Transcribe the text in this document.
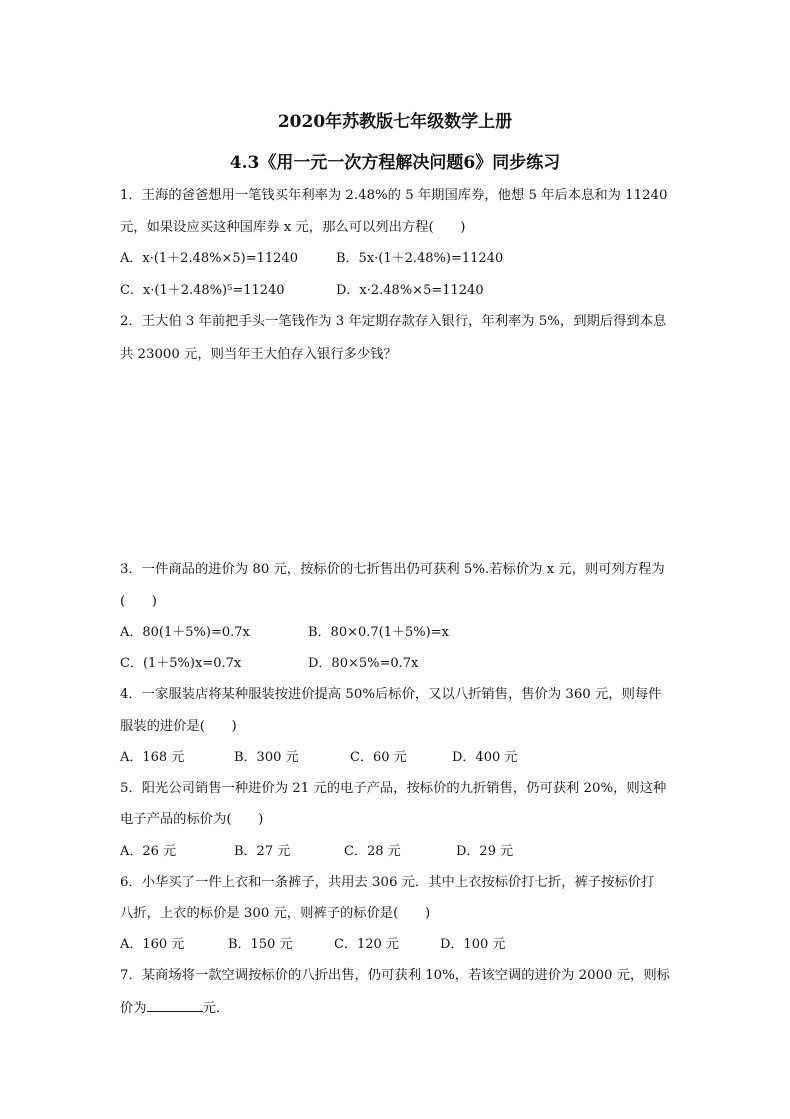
2020年苏教版七年级数学上册
4.3《用一元一次方程解决问题6》同步练习
1．王海的爸爸想用一笔钱买年利率为 2.48%的 5 年期国库券，他想 5 年后本息和为 11240
元，如果设应买这种国库券 x 元，那么可以列出方程(　　)
A．x·(1＋2.48%×5)=11240	B．5x·(1＋2.48%)=11240
C．x·(1＋2.48%)⁵=11240	D．x·2.48%×5=11240
2．王大伯 3 年前把手头一笔钱作为 3 年定期存款存入银行，年利率为 5%，到期后得到本息
共 23000 元，则当年王大伯存入银行多少钱？
3．一件商品的进价为 80 元，按标价的七折售出仍可获利 5%.若标价为 x 元，则可列方程为
(　　)
A．80(1＋5%)=0.7x	B．80×0.7(1＋5%)=x
C．(1＋5%)x=0.7x	D．80×5%=0.7x
4．一家服装店将某种服装按进价提高 50%后标价，又以八折销售，售价为 360 元，则每件
服装的进价是(　　)
A．168 元	B．300 元	C．60 元	D．400 元
5．阳光公司销售一种进价为 21 元的电子产品，按标价的九折销售，仍可获利 20%，则这种
电子产品的标价为(　　)
A．26 元	B．27 元	C．28 元	D．29 元
6．小华买了一件上衣和一条裤子，共用去 306 元．其中上衣按标价打七折，裤子按标价打
八折，上衣的标价是 300 元，则裤子的标价是(　　)
A．160 元	B．150 元	C．120 元	D．100 元
7．某商场将一款空调按标价的八折出售，仍可获利 10%，若该空调的进价为 2000 元，则标
价为	元．
